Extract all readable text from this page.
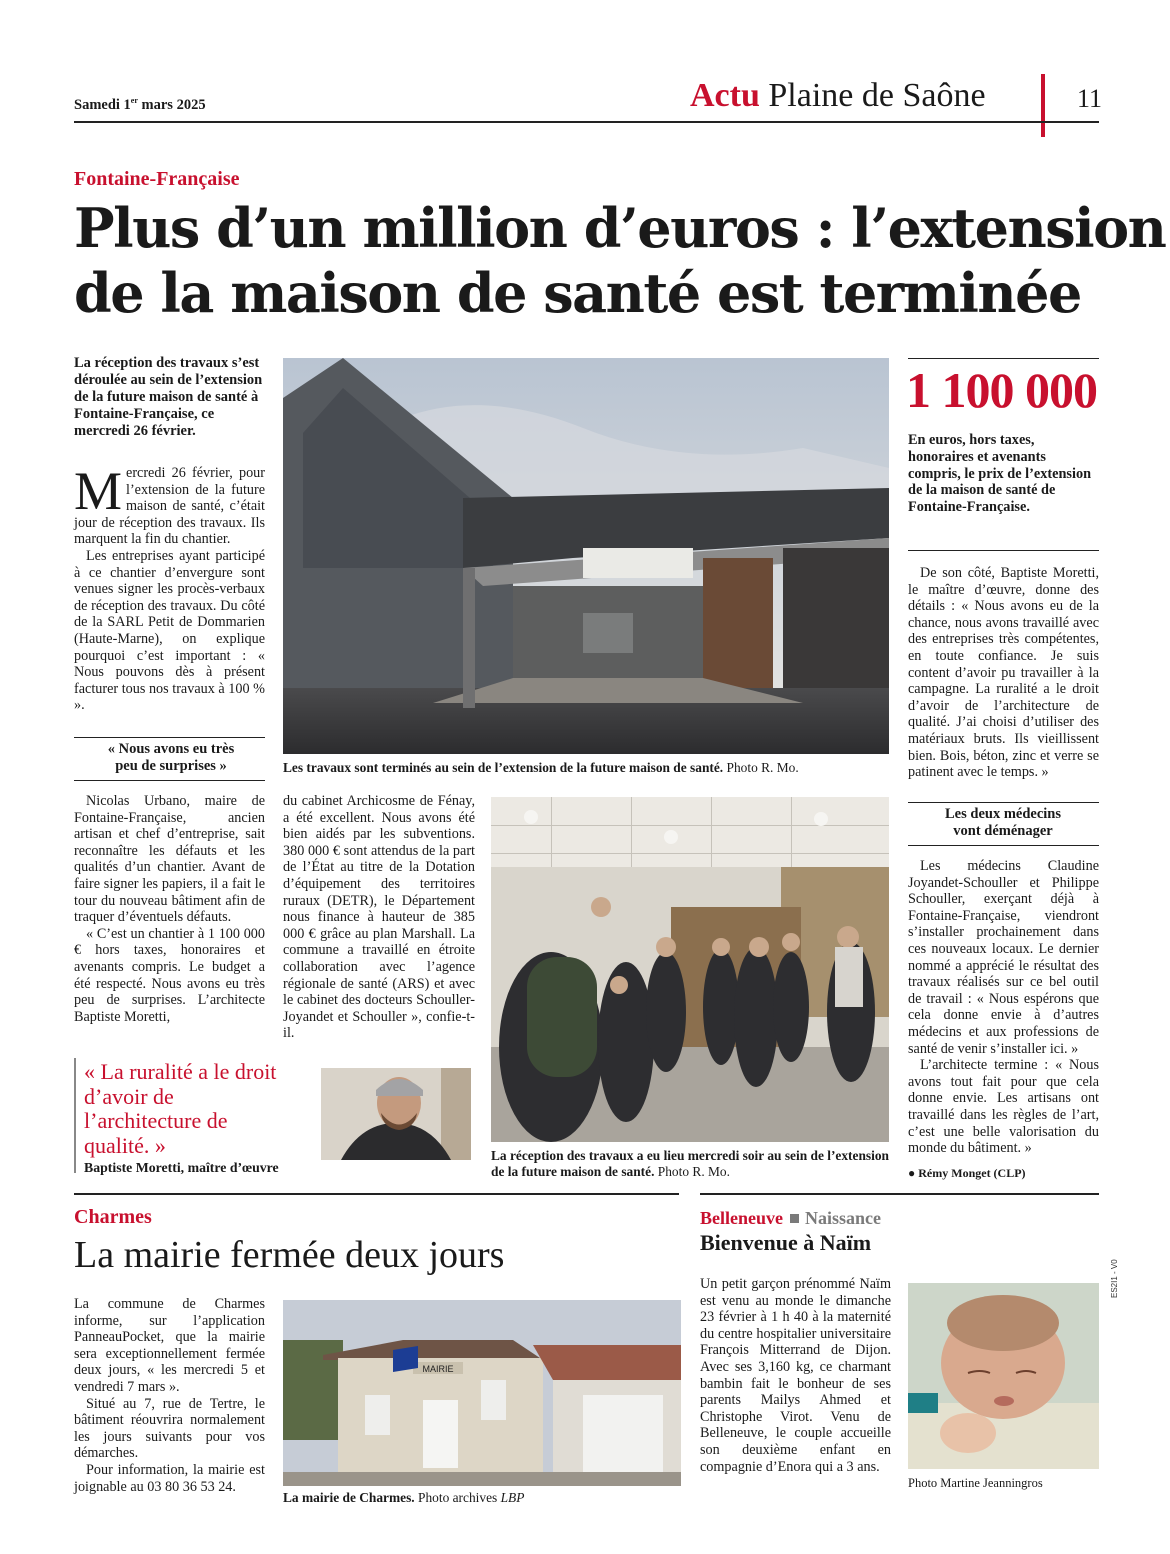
Samedi 1er mars 2025	Actu Plaine de Saône	11
Fontaine-Française
Plus d’un million d’euros : l’extension
de la maison de santé est terminée
La réception des travaux s’est déroulée au sein de l’extension de la future maison de santé à Fontaine-Française, ce mercredi 26 février.

Mercredi 26 février, pour l’extension de la future maison de santé, c’était jour de réception des travaux. Ils marquent la fin du chantier.

Les entreprises ayant participé à ce chantier d’envergure sont venues signer les procès-verbaux de réception des travaux. Du côté de la SARL Petit de Dommarien (Haute-Marne), on explique pourquoi c’est important : « Nous pouvons dès à présent facturer tous nos travaux à 100 % ».

« Nous avons eu très peu de surprises »

Nicolas Urbano, maire de Fontaine-Française, ancien artisan et chef d’entreprise, sait reconnaître les défauts et les qualités d’un chantier. Avant de faire signer les papiers, il a fait le tour du nouveau bâtiment afin de traquer d’éventuels défauts.

« C’est un chantier à 1 100 000 € hors taxes, honoraires et avenants compris. Le budget a été respecté. Nous avons eu très peu de surprises. L’architecte Baptiste Moretti,

Les travaux sont terminés au sein de l’extension de la future maison de santé. Photo R. Mo.

du cabinet Archicosme de Fénay, a été excellent. Nous avons été bien aidés par les subventions. 380 000 € sont attendus de la part de l’État au titre de la Dotation d’équipement des territoires ruraux (DETR), le Département nous finance à hauteur de 385 000 € grâce au plan Marshall. La commune a travaillé en étroite collaboration avec l’agence régionale de santé (ARS) et avec le cabinet des docteurs Schouller-Joyandet et Schouller », confie-t-il.

La réception des travaux a eu lieu mercredi soir au sein de l’extension de la future maison de santé. Photo R. Mo.
« La ruralité a le droit d’avoir de l’architecture de qualité. »
Baptiste Moretti, maître d’œuvre
1 100 000
En euros, hors taxes, honoraires et avenants compris, le prix de l’extension de la maison de santé de Fontaine-Française.

De son côté, Baptiste Moretti, le maître d’œuvre, donne des détails : « Nous avons eu de la chance, nous avons travaillé avec des entreprises très compétentes, en toute confiance. Je suis content d’avoir pu travailler à la campagne. La ruralité a le droit d’avoir de l’architecture de qualité. J’ai choisi d’utiliser des matériaux bruts. Ils vieillissent bien. Bois, béton, zinc et verre se patinent avec le temps. »

Les deux médecins vont déménager

Les médecins Claudine Joyandet-Schouller et Philippe Schouller, exerçant déjà à Fontaine-Française, viendront s’installer prochainement dans ces nouveaux locaux. Le dernier nommé a apprécié le résultat des travaux réalisés sur ce bel outil de travail : « Nous espérons que cela donne envie à d’autres médecins et aux professions de santé de venir s’installer ici. »

L’architecte termine : « Nous avons tout fait pour que cela donne envie. Les artisans ont travaillé dans les règles de l’art, c’est une belle valorisation du monde du bâtiment. »

● Rémy Monget (CLP)
Charmes
La mairie fermée deux jours

La commune de Charmes informe, sur l’application PanneauPocket, que la mairie sera exceptionnellement fermée deux jours, « les mercredi 5 et vendredi 7 mars ».

Situé au 7, rue de Tertre, le bâtiment réouvrira normalement les jours suivants pour vos démarches.

Pour information, la mairie est joignable au 03 80 36 53 24.

MAIRIE
La mairie de Charmes. Photo archives LBP
Belleneuve Naissance
Bienvenue à Naïm

Un petit garçon prénommé Naïm est venu au monde le dimanche 23 février à 1 h 40 à la maternité du centre hospitalier universitaire François Mitterrand de Dijon. Avec ses 3,160 kg, ce charmant bambin fait le bonheur de ses parents Mailys Ahmed et Christophe Virot. Venu de Belleneuve, le couple accueille son deuxième enfant en compagnie d’Enora qui a 3 ans.

Photo Martine Jeanningros
ES2I1 - V0
